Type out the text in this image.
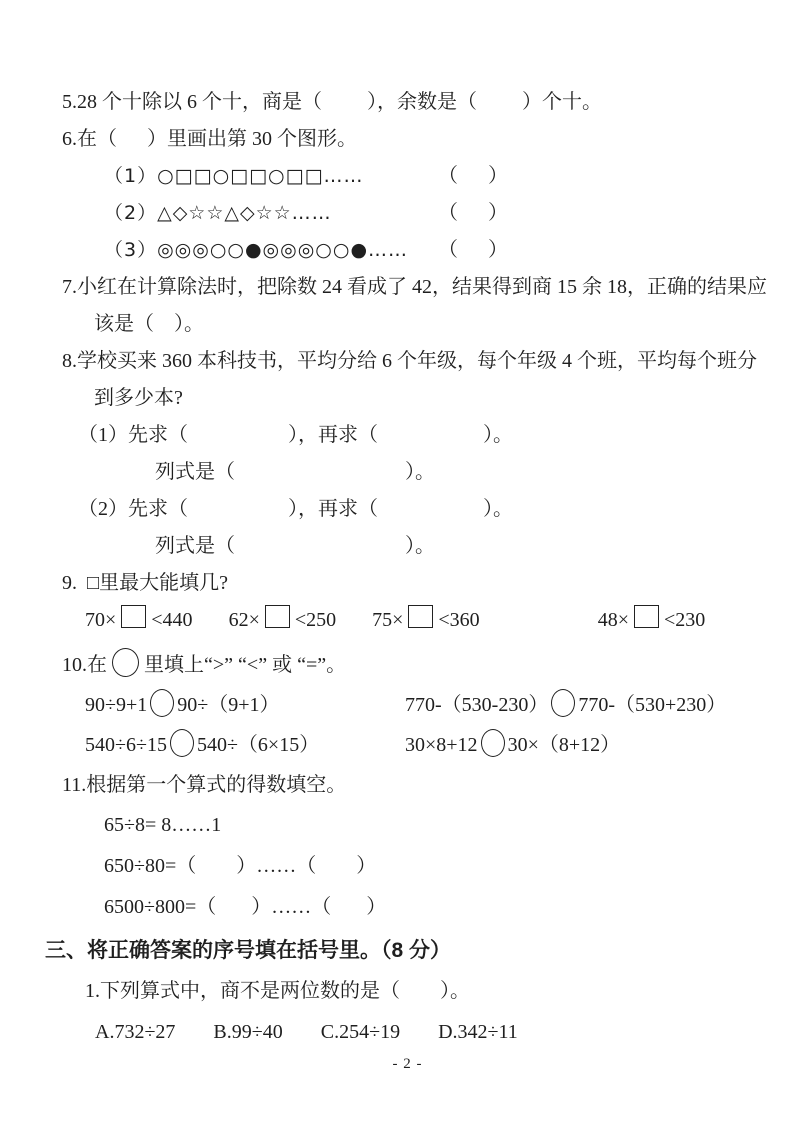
5.28 个十除以 6 个十，商是（         ），余数是（         ）个十。
6.在（      ）里画出第 30 个图形。
（1）○□□○□□○□□……	（      ）
（2）△◇☆☆△◇☆☆……	（      ）
（3）◎◎◎○○●◎◎◎○○●……	（      ）
7.小红在计算除法时，把除数 24 看成了 42，结果得到商 15 余 18，正确的结果应
该是（    ）。
8.学校买来 360 本科技书，平均分给 6 个年级，每个年级 4 个班，平均每个班分
到多少本?
（1）先求（                    ），再求（                     ）。
列式是（                                  ）。
（2）先求（                    ），再求（                     ）。
列式是（                                  ）。
9.  □里最大能填几?
70× <440 62× <250 75× <360	48× <230
10.在 里填上“>” “<” 或 “=”。
90÷9+1 90÷（9+1）	770-（530-230） 770-（530+230）
540÷6÷15 540÷（6×15）	30×8+12 30×（8+12）
11.根据第一个算式的得数填空。
65÷8= 8……1
650÷80=（        ）……（        ）
6500÷800=（       ）……（       ）
三、将正确答案的序号填在括号里。（8 分）
1.下列算式中，商不是两位数的是（        ）。
A.732÷27 B.99÷40 C.254÷19 D.342÷11
- 2 -
